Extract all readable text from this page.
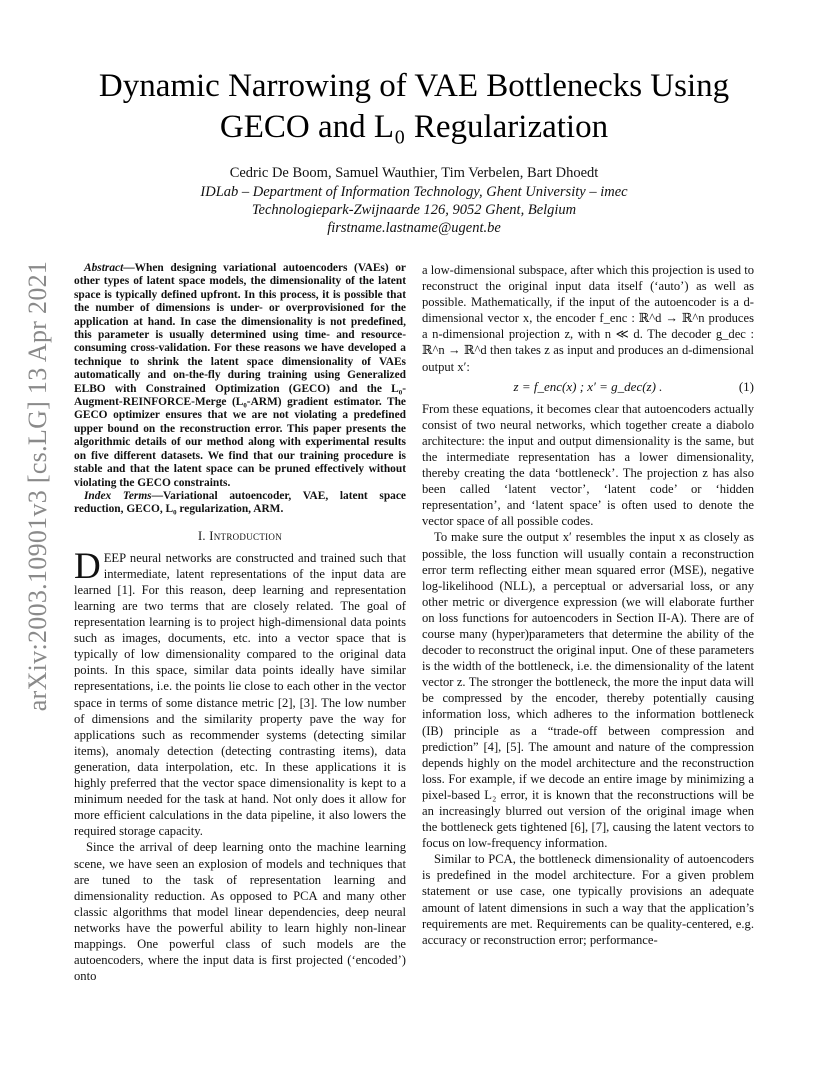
arXiv:2003.10901v3 [cs.LG] 13 Apr 2021
Dynamic Narrowing of VAE Bottlenecks Using
GECO and L₀ Regularization

Cedric De Boom, Samuel Wauthier, Tim Verbelen, Bart Dhoedt

IDLab – Department of Information Technology, Ghent University – imec

Technologiepark-Zwijnaarde 126, 9052 Ghent, Belgium

firstname.lastname@ugent.be

Abstract—When designing variational autoencoders (VAEs) or other types of latent space models, the dimensionality of the latent space is typically defined upfront. In this process, it is possible that the number of dimensions is under- or overprovisioned for the application at hand. In case the dimensionality is not predefined, this parameter is usually determined using time- and resource-consuming cross-validation. For these reasons we have developed a technique to shrink the latent space dimensionality of VAEs automatically and on-the-fly during training using Generalized ELBO with Constrained Optimization (GECO) and the L₀-Augment-REINFORCE-Merge (L₀-ARM) gradient estimator. The GECO optimizer ensures that we are not violating a predefined upper bound on the reconstruction error. This paper presents the algorithmic details of our method along with experimental results on five different datasets. We find that our training procedure is stable and that the latent space can be pruned effectively without violating the GECO constraints.

Index Terms—Variational autoencoder, VAE, latent space reduction, GECO, L₀ regularization, ARM.

I. Introduction

DEEP neural networks are constructed and trained such that intermediate, latent representations of the input data are learned [1]. For this reason, deep learning and representation learning are two terms that are closely related. The goal of representation learning is to project high-dimensional data points such as images, documents, etc. into a vector space that is typically of low dimensionality compared to the original data points. In this space, similar data points ideally have similar representations, i.e. the points lie close to each other in the vector space in terms of some distance metric [2], [3]. The low number of dimensions and the similarity property pave the way for applications such as recommender systems (detecting similar items), anomaly detection (detecting contrasting items), data generation, data interpolation, etc. In these applications it is highly preferred that the vector space dimensionality is kept to a minimum needed for the task at hand. Not only does it allow for more efficient calculations in the data pipeline, it also lowers the required storage capacity.

Since the arrival of deep learning onto the machine learning scene, we have seen an explosion of models and techniques that are tuned to the task of representation learning and dimensionality reduction. As opposed to PCA and many other classic algorithms that model linear dependencies, deep neural networks have the powerful ability to learn highly non-linear mappings. One powerful class of such models are the autoencoders, where the input data is first projected (‘encoded’) onto

a low-dimensional subspace, after which this projection is used to reconstruct the original input data itself (‘auto’) as well as possible. Mathematically, if the input of the autoencoder is a d-dimensional vector x, the encoder f_enc : ℝ^d → ℝ^n produces a n-dimensional projection z, with n ≪ d. The decoder g_dec : ℝ^n → ℝ^d then takes z as input and produces an d-dimensional output x′:

z = f_enc(x) ; x′ = g_dec(z) .	(1)

From these equations, it becomes clear that autoencoders actually consist of two neural networks, which together create a diabolo architecture: the input and output dimensionality is the same, but the intermediate representation has a lower dimensionality, thereby creating the data ‘bottleneck’. The projection z has also been called ‘latent vector’, ‘latent code’ or ‘hidden representation’, and ‘latent space’ is often used to denote the vector space of all possible codes.

To make sure the output x′ resembles the input x as closely as possible, the loss function will usually contain a reconstruction error term reflecting either mean squared error (MSE), negative log-likelihood (NLL), a perceptual or adversarial loss, or any other metric or divergence expression (we will elaborate further on loss functions for autoencoders in Section II-A). There are of course many (hyper)parameters that determine the ability of the decoder to reconstruct the original input. One of these parameters is the width of the bottleneck, i.e. the dimensionality of the latent vector z. The stronger the bottleneck, the more the input data will be compressed by the encoder, thereby potentially causing information loss, which adheres to the information bottleneck (IB) principle as a “trade-off between compression and prediction” [4], [5]. The amount and nature of the compression depends highly on the model architecture and the reconstruction loss. For example, if we decode an entire image by minimizing a pixel-based L₂ error, it is known that the reconstructions will be an increasingly blurred out version of the original image when the bottleneck gets tightened [6], [7], causing the latent vectors to focus on low-frequency information.

Similar to PCA, the bottleneck dimensionality of autoencoders is predefined in the model architecture. For a given problem statement or use case, one typically provisions an adequate amount of latent dimensions in such a way that the application’s requirements are met. Requirements can be quality-centered, e.g. accuracy or reconstruction error; performance-
